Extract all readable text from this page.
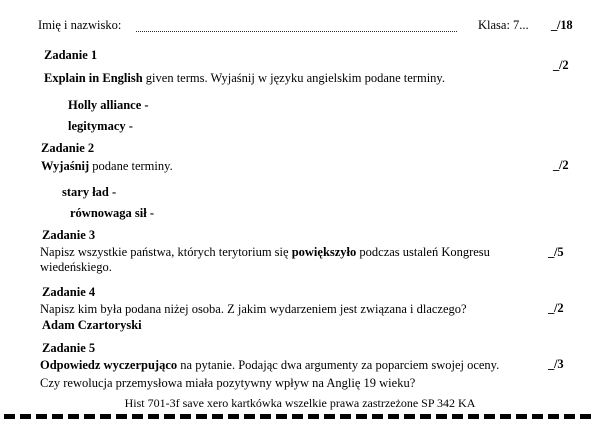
Imię i nazwisko:	Klasa: 7... _/18
Zadanie 1
_/2
Explain in English given terms. Wyjaśnij w języku angielskim podane terminy.
Holly alliance -
legitymacy -
Zadanie 2
_/2
Wyjaśnij podane terminy.
stary ład -
równowaga sił -
Zadanie 3
_/5
Napisz wszystkie państwa, których terytorium się powiększyło podczas ustaleń Kongresu wiedeńskiego.
Zadanie 4
_/2
Napisz kim była podana niżej osoba. Z jakim wydarzeniem jest związana i dlaczego?
Adam Czartoryski
Zadanie 5
_/3
Odpowiedz wyczerpująco na pytanie. Podając dwa argumenty za poparciem swojej oceny.
Czy rewolucja przemysłowa miała pozytywny wpływ na Anglię 19 wieku?
Hist 701-3f save xero kartkówka wszelkie prawa zastrzeżone SP 342 KA
